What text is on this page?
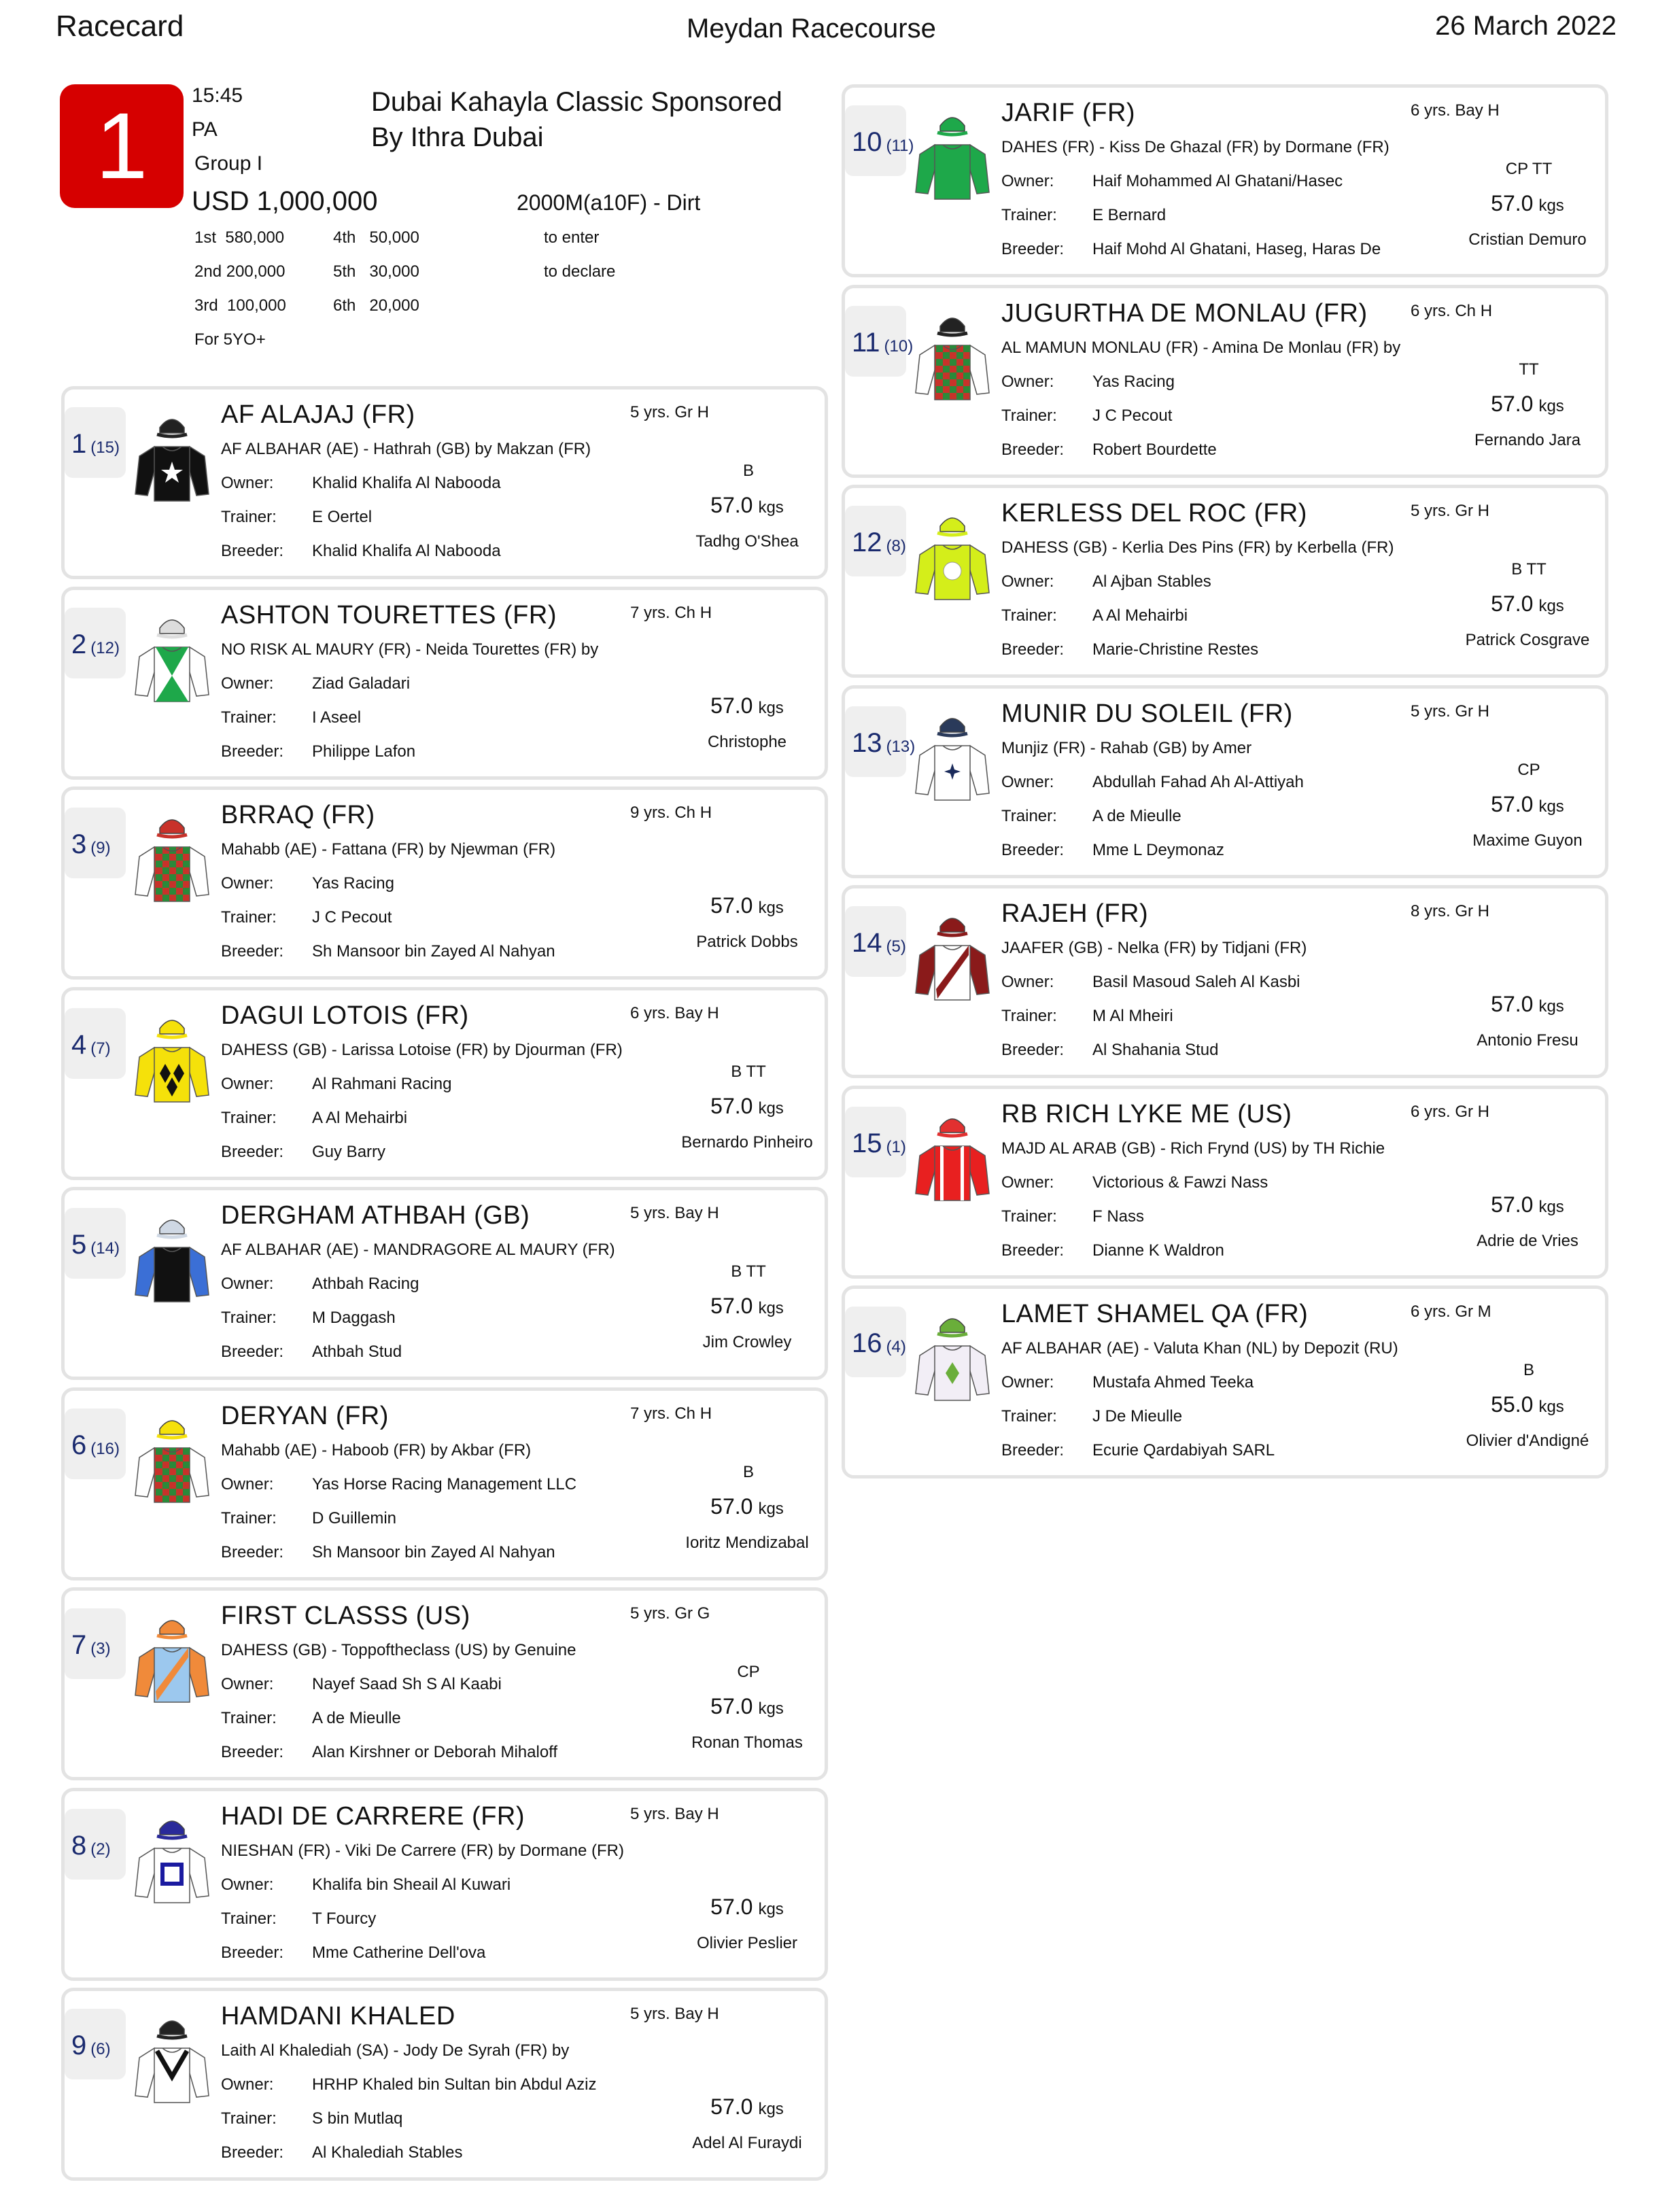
Racecard	Meydan Racecourse	26 March 2022
1	15:45
PA
Group I
Dubai Kahayla Classic Sponsored By Ithra Dubai
USD 1,000,000	2000M(a10F) - Dirt
1st 580,000
2nd 200,000
3rd 100,000
4th 50,000
5th 30,000
6th 20,000
to enter
to declare
For 5YO+
1 (15)
AF ALAJAJ (FR)	5 yrs. Gr H
AF ALBAHAR (AE) - Hathrah (GB) by Makzan (FR)
Owner: Khalid Khalifa Al Nabooda
Trainer: E Oertel
Breeder: Khalid Khalifa Al Nabooda
B
57.0 kgs
Tadhg O'Shea
2 (12)
ASHTON TOURETTES (FR)	7 yrs. Ch H
NO RISK AL MAURY (FR) - Neida Tourettes (FR) by
Owner: Ziad Galadari
Trainer: I Aseel
Breeder: Philippe Lafon
57.0 kgs
Christophe
3 (9)
BRRAQ (FR)	9 yrs. Ch H
Mahabb (AE) - Fattana (FR) by Njewman (FR)
Owner: Yas Racing
Trainer: J C Pecout
Breeder: Sh Mansoor bin Zayed Al Nahyan
57.0 kgs
Patrick Dobbs
4 (7)
DAGUI LOTOIS (FR)	6 yrs. Bay H
DAHESS (GB) - Larissa Lotoise (FR) by Djourman (FR)
Owner: Al Rahmani Racing
Trainer: A Al Mehairbi
Breeder: Guy Barry
B TT
57.0 kgs
Bernardo Pinheiro
5 (14)
DERGHAM ATHBAH (GB)	5 yrs. Bay H
AF ALBAHAR (AE) - MANDRAGORE AL MAURY (FR)
Owner: Athbah Racing
Trainer: M Daggash
Breeder: Athbah Stud
B TT
57.0 kgs
Jim Crowley
6 (16)
DERYAN (FR)	7 yrs. Ch H
Mahabb (AE) - Haboob (FR) by Akbar (FR)
Owner: Yas Horse Racing Management LLC
Trainer: D Guillemin
Breeder: Sh Mansoor bin Zayed Al Nahyan
B
57.0 kgs
Ioritz Mendizabal
7 (3)
FIRST CLASSS (US)	5 yrs. Gr G
DAHESS (GB) - Toppoftheclass (US) by Genuine
Owner: Nayef Saad Sh S Al Kaabi
Trainer: A de Mieulle
Breeder: Alan Kirshner or Deborah Mihaloff
CP
57.0 kgs
Ronan Thomas
8 (2)
HADI DE CARRERE (FR)	5 yrs. Bay H
NIESHAN (FR) - Viki De Carrere (FR) by Dormane (FR)
Owner: Khalifa bin Sheail Al Kuwari
Trainer: T Fourcy
Breeder: Mme Catherine Dell'ova
57.0 kgs
Olivier Peslier
9 (6)
HAMDANI KHALED	5 yrs. Bay H
Laith Al Khalediah (SA) - Jody De Syrah (FR) by
Owner: HRHP Khaled bin Sultan bin Abdul Aziz
Trainer: S bin Mutlaq
Breeder: Al Khalediah Stables
57.0 kgs
Adel Al Furaydi
10 (11)
JARIF (FR)	6 yrs. Bay H
DAHES (FR) - Kiss De Ghazal (FR) by Dormane (FR)
Owner: Haif Mohammed Al Ghatani/Hasec
Trainer: E Bernard
Breeder: Haif Mohd Al Ghatani, Haseg, Haras De
CP TT
57.0 kgs
Cristian Demuro
11 (10)
JUGURTHA DE MONLAU (FR)	6 yrs. Ch H
AL MAMUN MONLAU (FR) - Amina De Monlau (FR) by
Owner: Yas Racing
Trainer: J C Pecout
Breeder: Robert Bourdette
TT
57.0 kgs
Fernando Jara
12 (8)
KERLESS DEL ROC (FR)	5 yrs. Gr H
DAHESS (GB) - Kerlia Des Pins (FR) by Kerbella (FR)
Owner: Al Ajban Stables
Trainer: A Al Mehairbi
Breeder: Marie-Christine Restes
B TT
57.0 kgs
Patrick Cosgrave
13 (13)
MUNIR DU SOLEIL (FR)	5 yrs. Gr H
Munjiz (FR) - Rahab (GB) by Amer
Owner: Abdullah Fahad Ah Al-Attiyah
Trainer: A de Mieulle
Breeder: Mme L Deymonaz
CP
57.0 kgs
Maxime Guyon
14 (5)
RAJEH (FR)	8 yrs. Gr H
JAAFER (GB) - Nelka (FR) by Tidjani (FR)
Owner: Basil Masoud Saleh Al Kasbi
Trainer: M Al Mheiri
Breeder: Al Shahania Stud
57.0 kgs
Antonio Fresu
15 (1)
RB RICH LYKE ME (US)	6 yrs. Gr H
MAJD AL ARAB (GB) - Rich Frynd (US) by TH Richie
Owner: Victorious & Fawzi Nass
Trainer: F Nass
Breeder: Dianne K Waldron
57.0 kgs
Adrie de Vries
16 (4)
LAMET SHAMEL QA (FR)	6 yrs. Gr M
AF ALBAHAR (AE) - Valuta Khan (NL) by Depozit (RU)
Owner: Mustafa Ahmed Teeka
Trainer: J De Mieulle
Breeder: Ecurie Qardabiyah SARL
B
55.0 kgs
Olivier d'Andigné
